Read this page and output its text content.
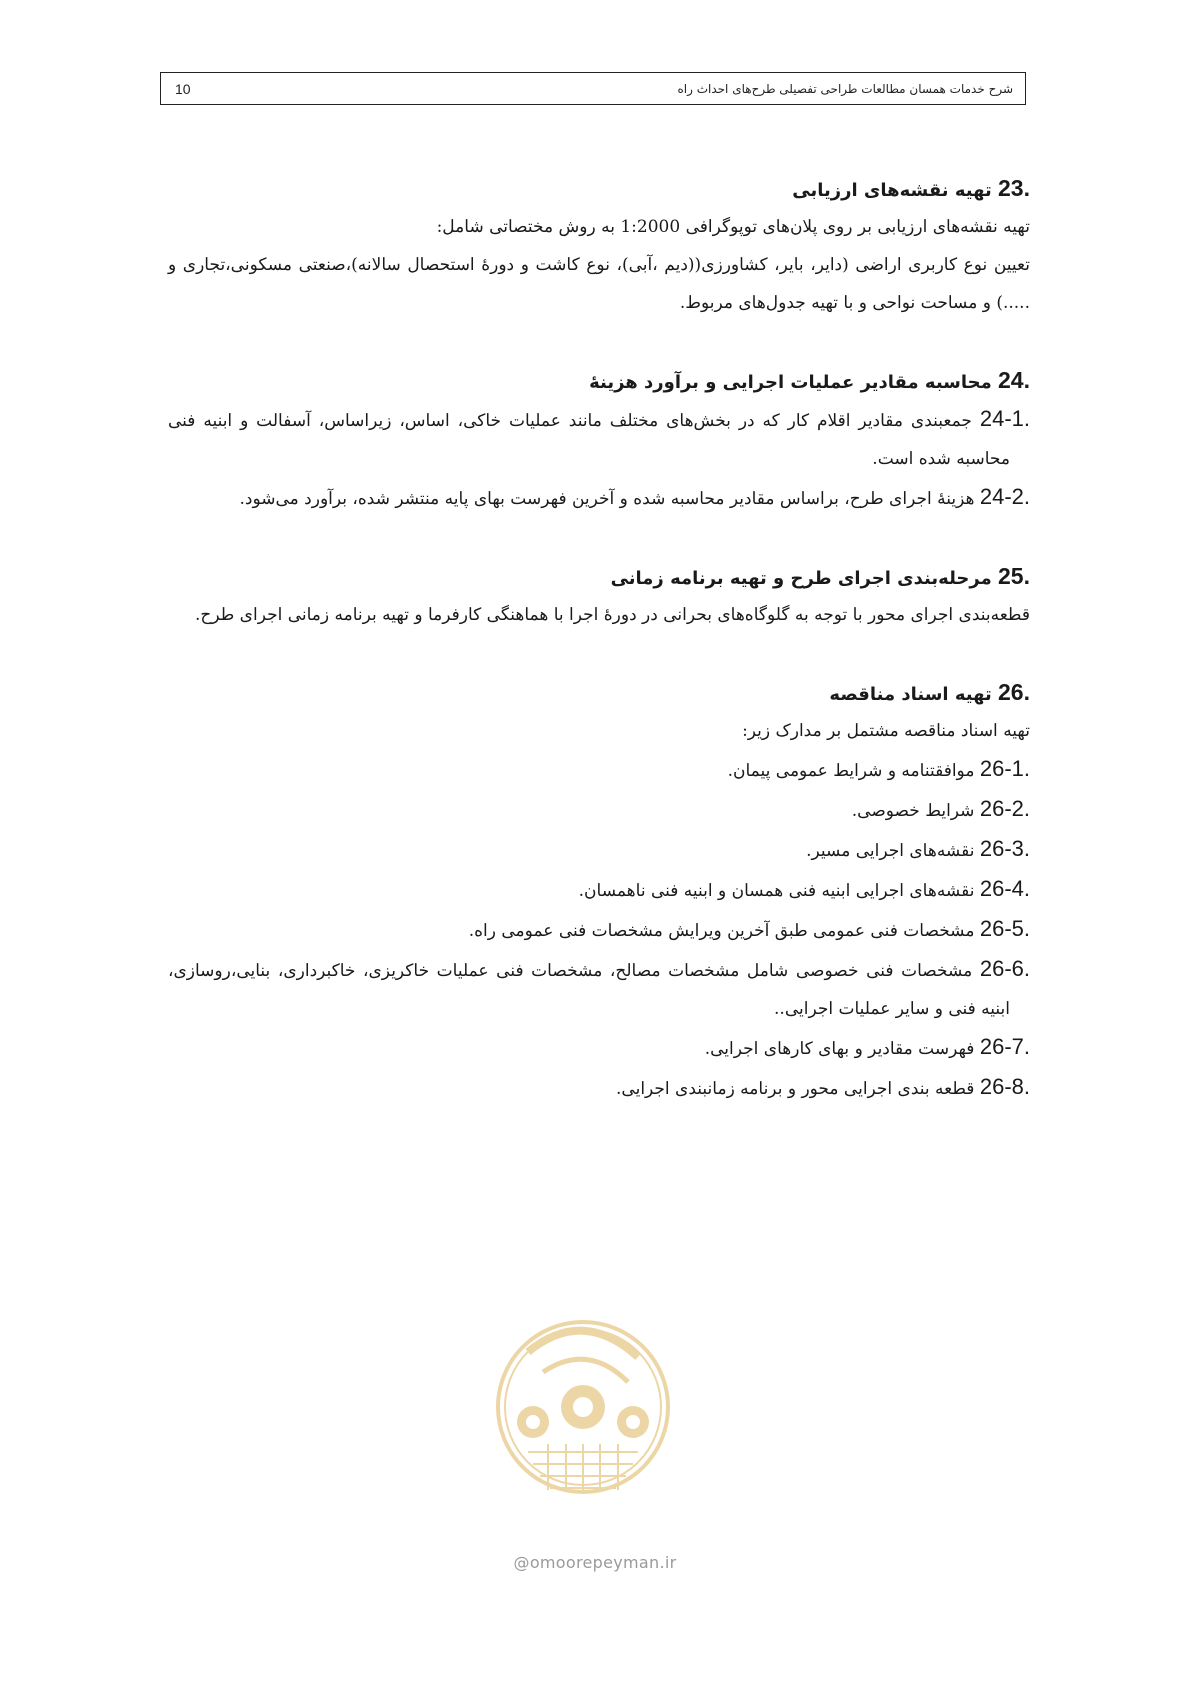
10	شرح خدمات همسان مطالعات طراحی تفصیلی طرح‌های احداث راه

23. تهیه نقشه‌های ارزیابی

تهیه نقشه‌های ارزیابی بر روی پلان‌های توپوگرافی 1:2000 به روش مختصاتی شامل:

تعیین نوع کاربری اراضی (دایر، بایر، کشاورزی((دیم ،آبی)، نوع کاشت و دورۀ استحصال سالانه)،صنعتی مسکونی،تجاری و .....) و مساحت نواحی و با تهیه جدول‌های مربوط.

24. محاسبه مقادیر عملیات اجرایی و برآورد هزینۀ

24-1. جمعبندی مقادیر اقلام کار که در بخش‌های مختلف مانند عملیات خاکی، اساس، زیراساس، آسفالت و ابنیه فنی محاسبه شده است.

24-2. هزینۀ اجرای طرح، براساس مقادیر محاسبه شده و آخرین فهرست بهای پایه منتشر شده، برآورد می‌شود.

25. مرحله‌بندی اجرای طرح و تهیه برنامه زمانی

قطعه‌بندی اجرای محور با توجه به گلوگاه‌های بحرانی در دورۀ اجرا با هماهنگی کارفرما و تهیه برنامه زمانی اجرای طرح.

26. تهیه اسناد مناقصه

تهیه اسناد مناقصه مشتمل بر مدارک زیر:

26-1. موافقتنامه و شرایط عمومی پیمان.

26-2. شرایط خصوصی.

26-3. نقشه‌های اجرایی مسیر.

26-4. نقشه‌های اجرایی ابنیه فنی همسان و ابنیه فنی ناهمسان.

26-5. مشخصات فنی عمومی طبق آخرین ویرایش مشخصات فنی عمومی راه.

26-6. مشخصات فنی خصوصی شامل مشخصات مصالح، مشخصات فنی عملیات خاکریزی، خاکبرداری، بنایی،روسازی، ابنیه فنی و سایر عملیات اجرایی..

26-7. فهرست مقادیر و بهای کارهای اجرایی.

26-8. قطعه بندی اجرایی محور و برنامه زمانبندی اجرایی.

@omoorepeyman.ir
